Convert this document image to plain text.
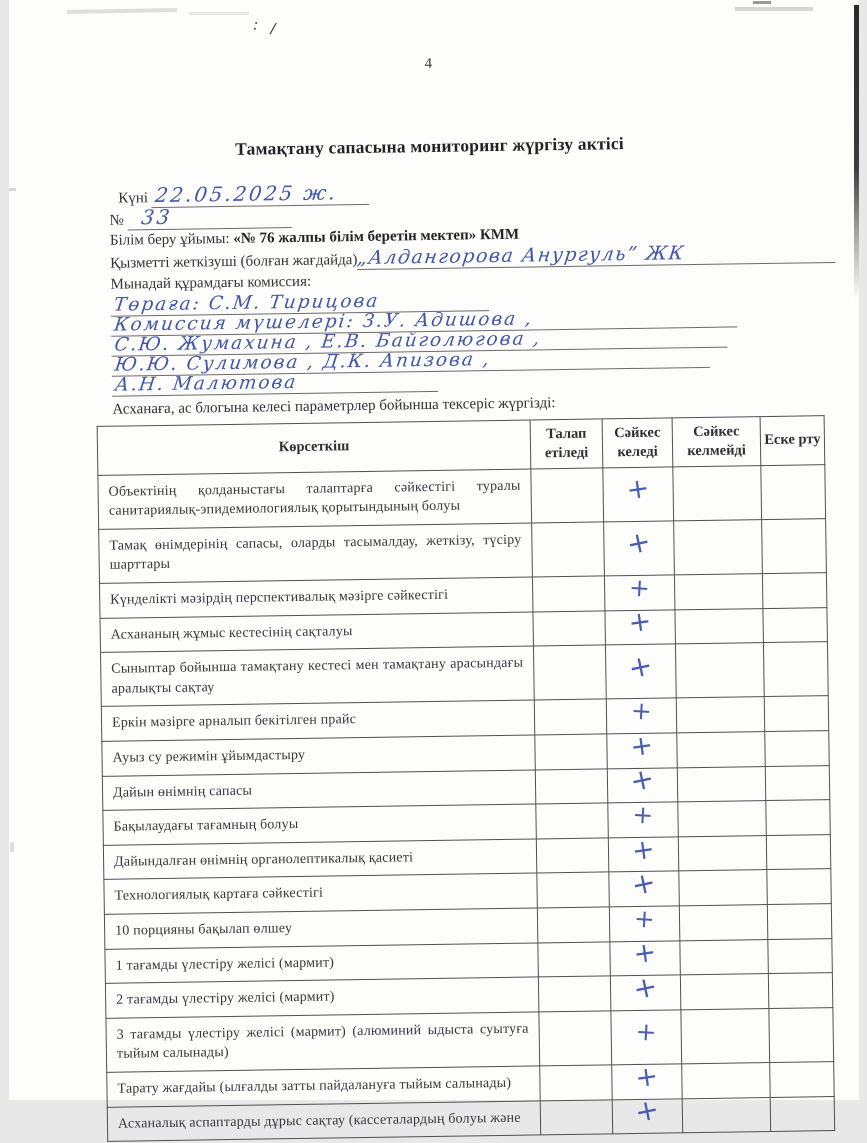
: /
4
Тамақтану сапасына мониторинг жүргізу актісі
Күні 22.05.2025 ж.
№ 33
Білім беру ұйымы: «№ 76 жалпы білім беретін мектеп» КММ
Қызметті жеткізуші (болған жағдайда)
„Алдангорова Анургуль” ЖК
Мынадай құрамдағы комиссия:
Төраға: С.М. Тирицова
Комиссия мүшелері: З.У. Адишова ,
С.Ю. Жумахина , Е.В. Байголюгова ,
Ю.Ю. Сулимова , Д.К. Апизова ,
А.Н. Малютова
Асханаға, ас блогына келесі параметрлер бойынша тексеріс жүргізді:
Көрсеткіш	Талап етіледі	Сәйкес келеді	Сәйкес келмейді	Еске рту
Объектінің қолданыстағы талаптарға сәйкестігі туралы санитариялық-эпидемиологиялық қорытындының болуы		+		
Тамақ өнімдерінің сапасы, оларды тасымалдау, жеткізу, түсіру шарттары		+		
Күнделікті мәзірдің перспективалық мәзірге сәйкестігі		+		
Асхананың жұмыс кестесінің сақталуы		+		
Сыныптар бойынша тамақтану кестесі мен тамақтану арасындағы аралықты сақтау		+		
Еркін мәзірге арналып бекітілген прайс		+		
Ауыз су режимін ұйымдастыру		+		
Дайын өнімнің сапасы		+		
Бақылаудағы тағамның болуы		+		
Дайындалған өнімнің органолептикалық қасиеті		+		
Технологиялық картаға сәйкестігі		+		
10 порцияны бақылап өлшеу		+		
1 тағамды үлестіру желісі (мармит)		+		
2 тағамды үлестіру желісі (мармит)		+		
3 тағамды үлестіру желісі (мармит) (алюминий ыдыста суытуға тыйым салынады)		+		
Тарату жағдайы (ылғалды затты пайдалануға тыйым салынады)		+		
Асханалық аспаптарды дұрыс сақтау (кассеталардың болуы және		+		
